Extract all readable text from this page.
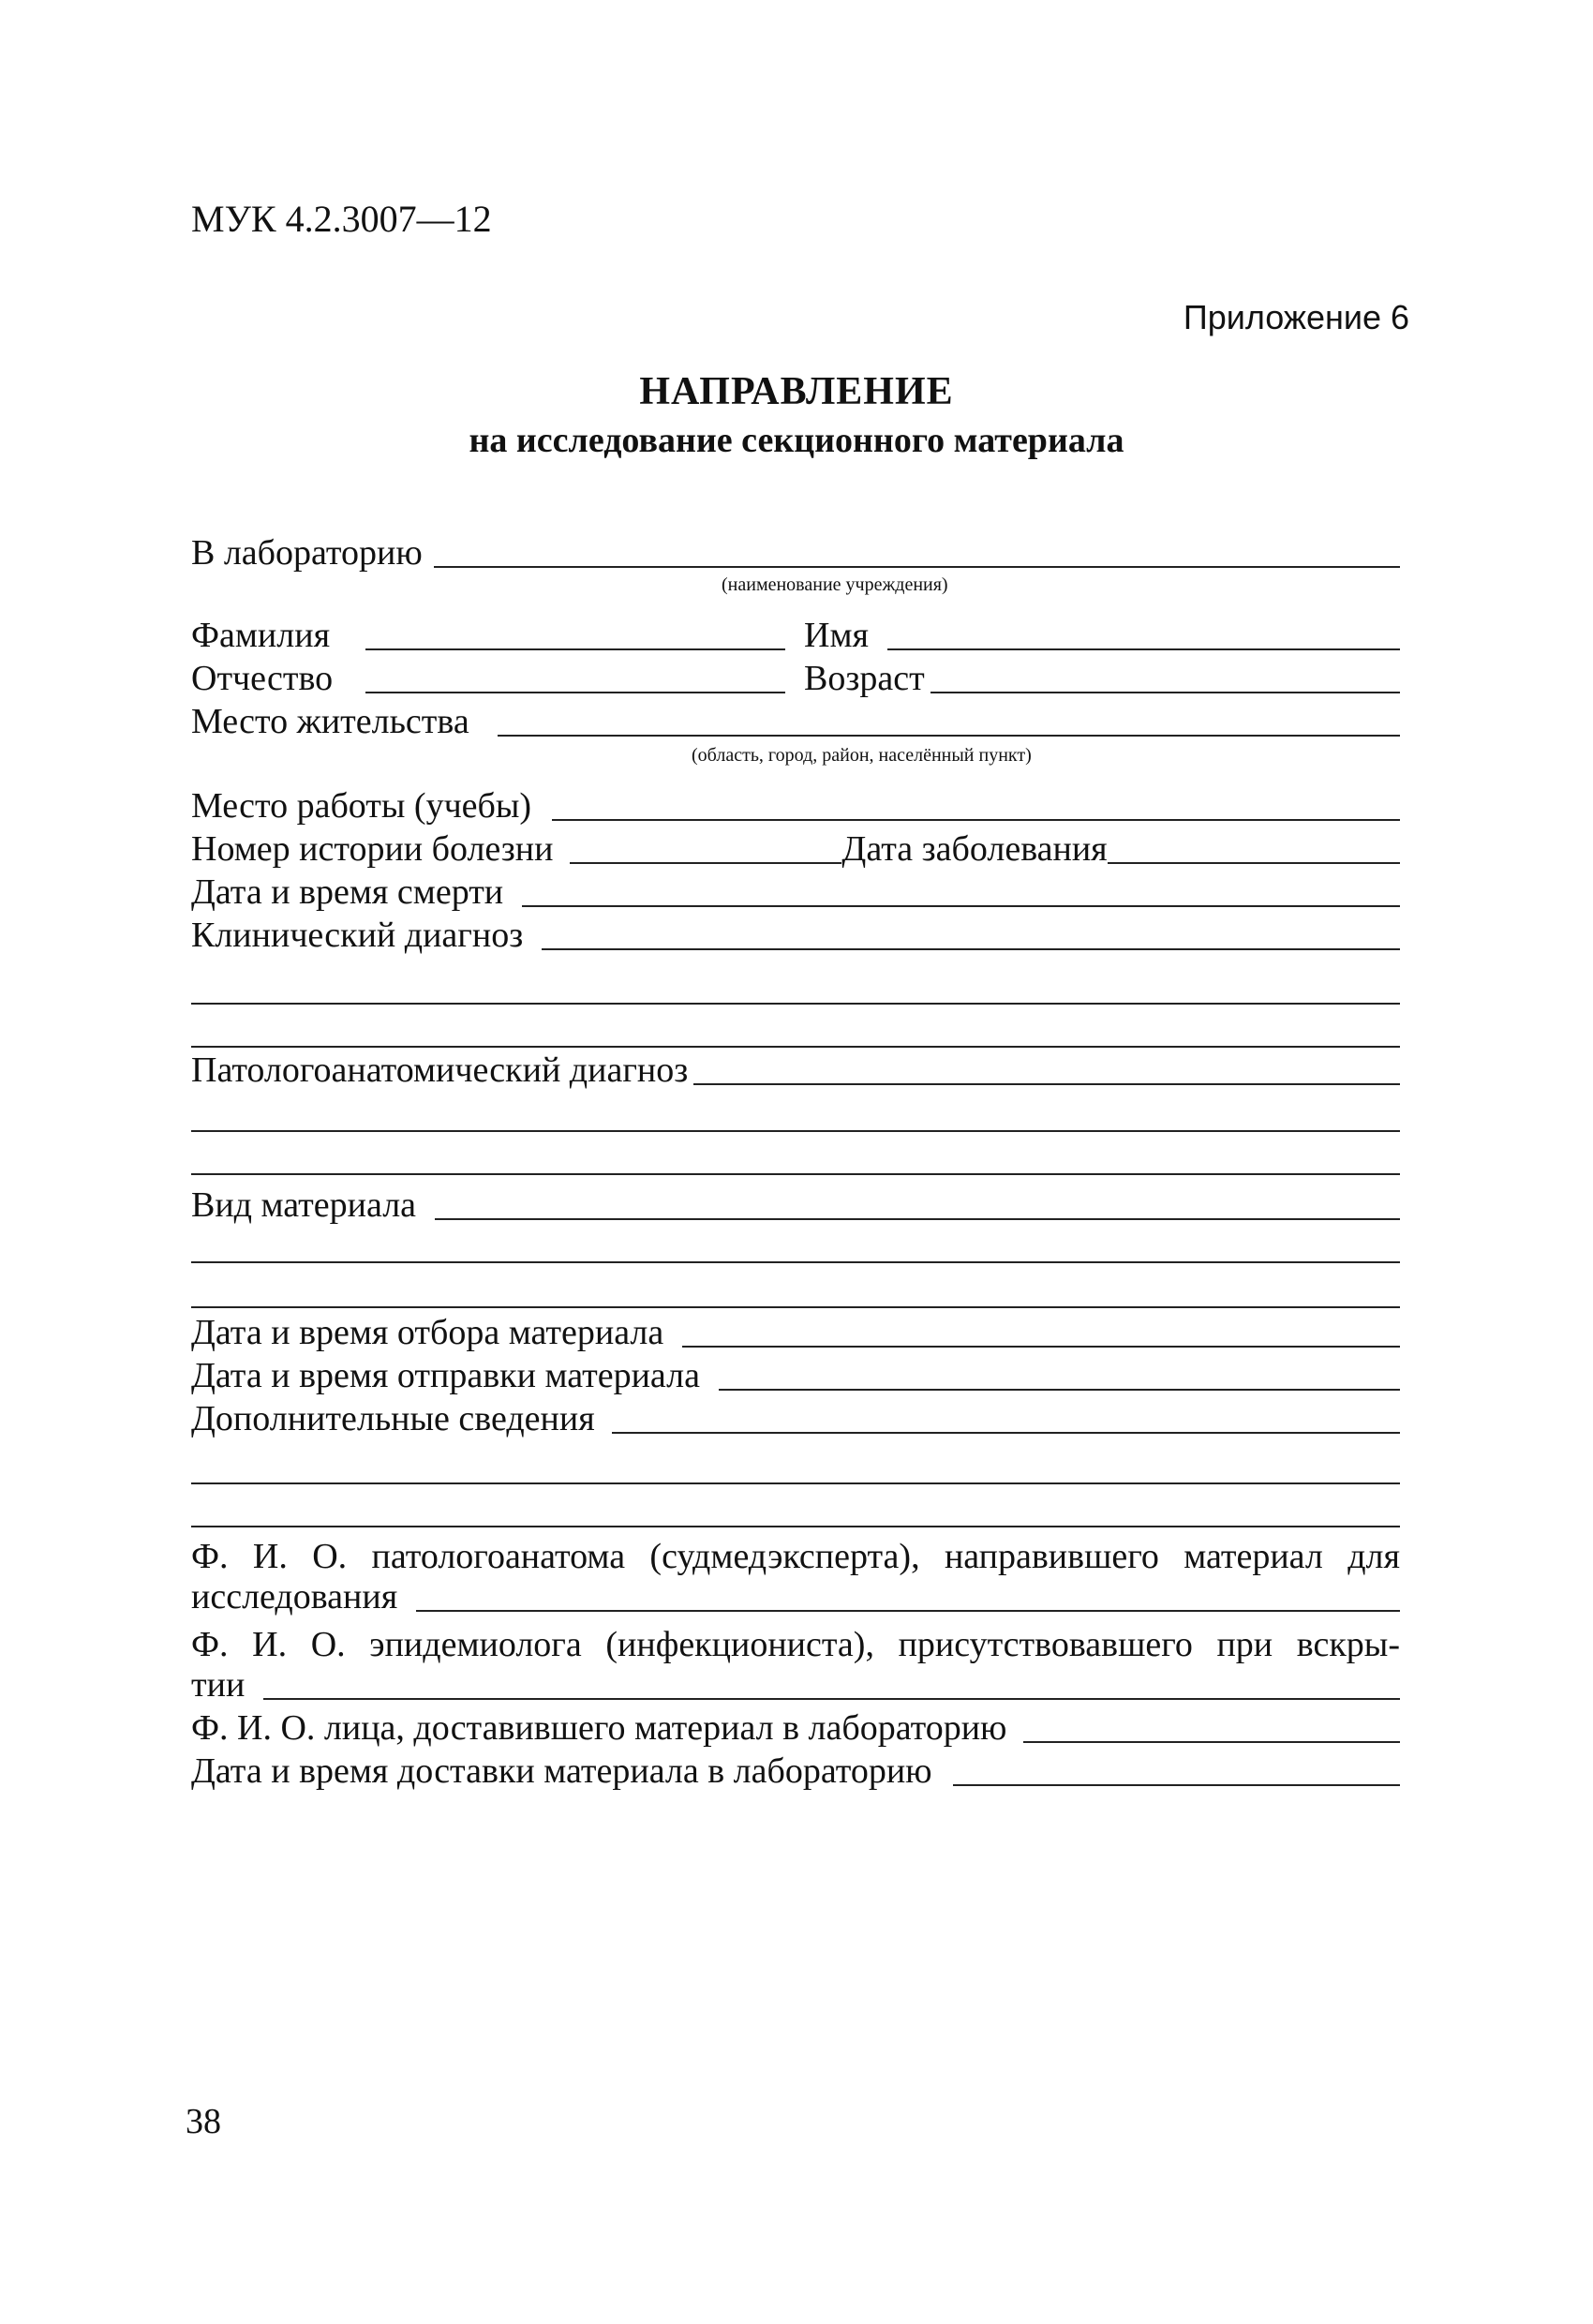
МУК 4.2.3007—12
Приложение 6
НАПРАВЛЕНИЕ
на исследование секционного материала
В лабораторию
(наименование учреждения)
Фамилия	Имя
Отчество	Возраст
Место жительства
(область, город, район, населённый пункт)
Место работы (учебы)
Номер истории болезни	Дата заболевания
Дата и время смерти
Клинический диагноз
Патологоанатомический диагноз
Вид материала
Дата и время отбора материала
Дата и время отправки материала
Дополнительные сведения
Ф. И. О. патологоанатома (судмедэксперта), направившего материал для
исследования
Ф. И. О. эпидемиолога (инфекциониста), присутствовавшего при вскры-
тии
Ф. И. О. лица, доставившего материал в лабораторию
Дата и время доставки материала в лабораторию
38
